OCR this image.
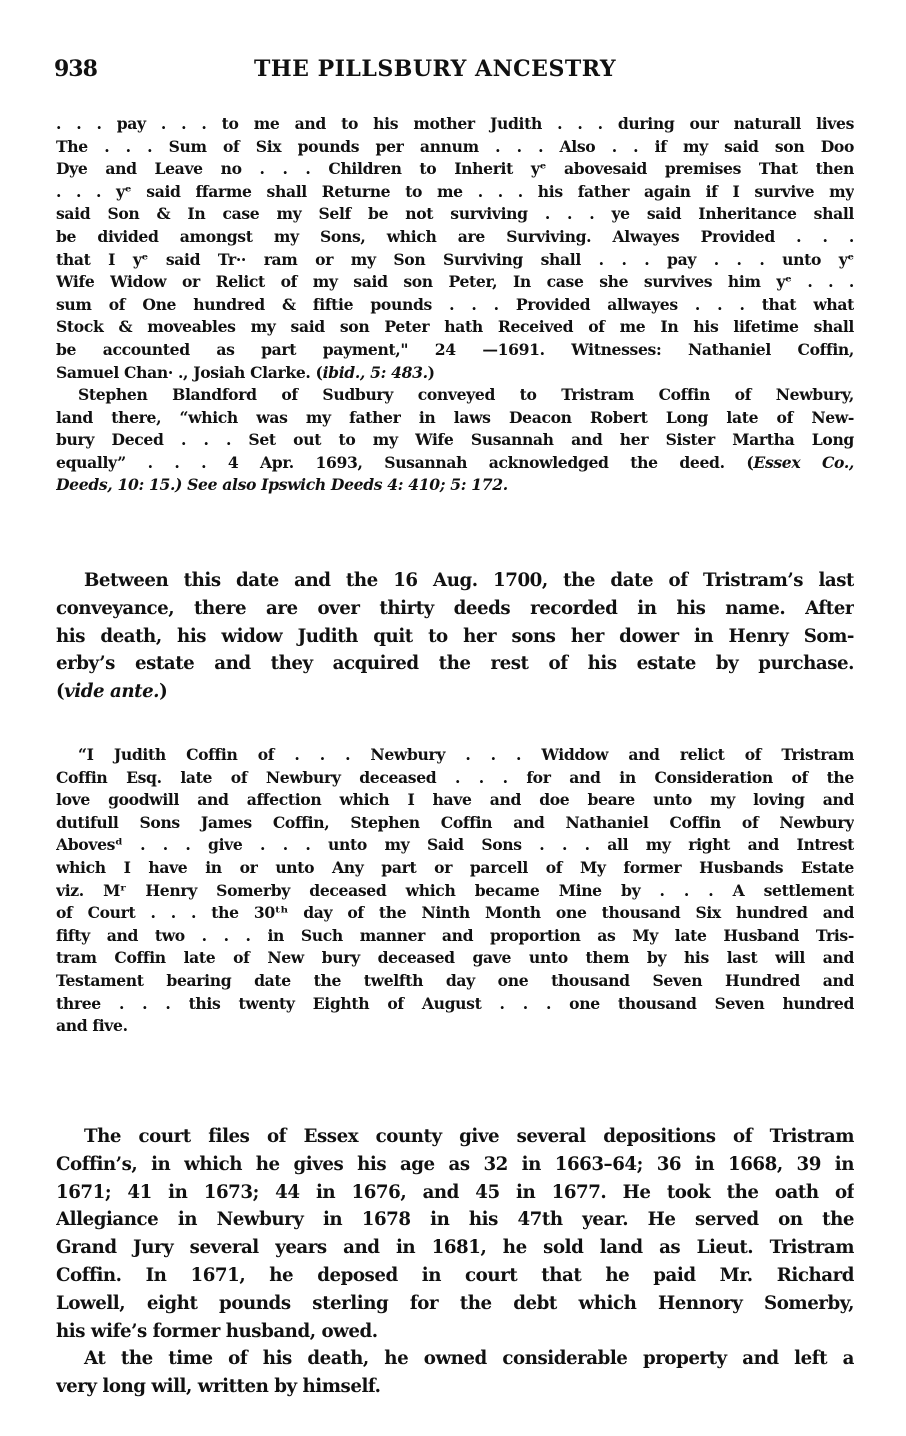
938	THE PILLSBURY ANCESTRY
. . . pay . . . to me and to his mother Judith . . . during our naturall lives
The . . . Sum of Six pounds per annum . . . Also . . if my said son Doo
Dye and Leave no . . . Children to Inherit yᵉ abovesaid premises That then
. . . yᵉ said ffarme shall Returne to me . . . his father again if I survive my
said Son & In case my Self be not surviving . . . ye said Inheritance shall
be divided amongst my Sons, which are Surviving. Alwayes Provided . . .
that I yᵉ said Tr·· ram or my Son Surviving shall . . . pay . . . unto yᵉ
Wife Widow or Relict of my said son Peter, In case she survives him yᵉ . . .
sum of One hundred & fiftie pounds . . . Provided allwayes . . . that what
Stock & moveables my said son Peter hath Received of me In his lifetime shall
be accounted as part payment," 24 —1691. Witnesses: Nathaniel Coffin,
Samuel Chan· ., Josiah Clarke. (ibid., 5: 483.)
Stephen Blandford of Sudbury conveyed to Tristram Coffin of Newbury,
land there, “which was my father in laws Deacon Robert Long late of New-
bury Deced . . . Set out to my Wife Susannah and her Sister Martha Long
equally” . . . 4 Apr. 1693, Susannah acknowledged the deed. (Essex Co.,
Deeds, 10: 15.) See also Ipswich Deeds 4: 410; 5: 172.
Between this date and the 16 Aug. 1700, the date of Tristram’s last
conveyance, there are over thirty deeds recorded in his name. After
his death, his widow Judith quit to her sons her dower in Henry Som-
erby’s estate and they acquired the rest of his estate by purchase.
(vide ante.)
“I Judith Coffin of . . . Newbury . . . Widdow and relict of Tristram
Coffin Esq. late of Newbury deceased . . . for and in Consideration of the
love goodwill and affection which I have and doe beare unto my loving and
dutifull Sons James Coffin, Stephen Coffin and Nathaniel Coffin of Newbury
Abovesᵈ . . . give . . . unto my Said Sons . . . all my right and Intrest
which I have in or unto Any part or parcell of My former Husbands Estate
viz. Mʳ Henry Somerby deceased which became Mine by . . . A settlement
of Court . . . the 30ᵗʰ day of the Ninth Month one thousand Six hundred and
fifty and two . . . in Such manner and proportion as My late Husband Tris-
tram Coffin late of New bury deceased gave unto them by his last will and
Testament bearing date the twelfth day one thousand Seven Hundred and
three . . . this twenty Eighth of August . . . one thousand Seven hundred
and five.
The court files of Essex county give several depositions of Tristram
Coffin’s, in which he gives his age as 32 in 1663–64; 36 in 1668, 39 in
1671; 41 in 1673; 44 in 1676, and 45 in 1677. He took the oath of
Allegiance in Newbury in 1678 in his 47th year. He served on the
Grand Jury several years and in 1681, he sold land as Lieut. Tristram
Coffin. In 1671, he deposed in court that he paid Mr. Richard
Lowell, eight pounds sterling for the debt which Hennory Somerby,
his wife’s former husband, owed.
At the time of his death, he owned considerable property and left a
very long will, written by himself.
